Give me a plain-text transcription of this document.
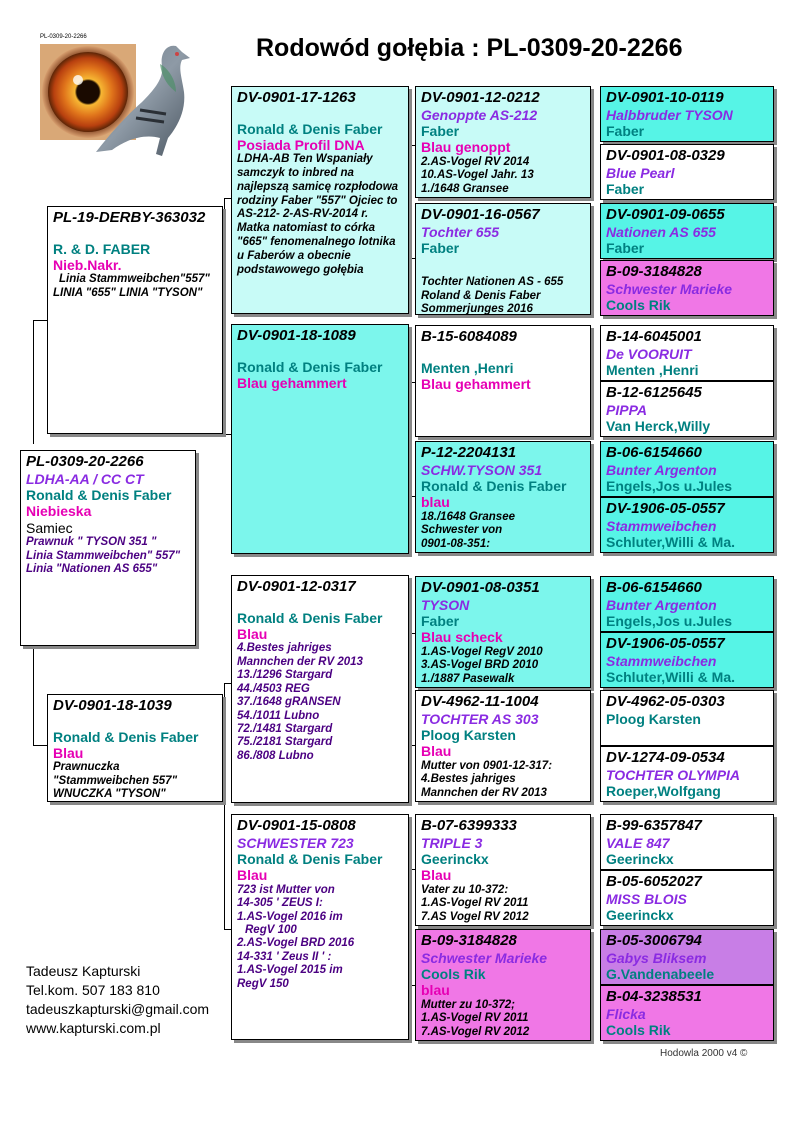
Rodowód gołębia : PL-0309-20-2266
PL-0309-20-2266
PL-0309-20-2266
LDHA-AA / CC CT
Ronald & Denis Faber
Niebieska
Samiec
Prawnuk " TYSON 351 "
Linia Stammweibchen" 557"
Linia "Nationen AS 655"
PL-19-DERBY-363032
R. & D. FABER
Nieb.Nakr.
Linia Stammweibchen"557"
LINIA "655" LINIA "TYSON"
DV-0901-18-1039
Ronald & Denis Faber
Blau
Prawnuczka
"Stammweibchen 557"
WNUCZKA "TYSON"
DV-0901-17-1263
Ronald & Denis Faber
Posiada Profil DNA
LDHA-AB Ten Wspaniały samczyk to inbred na najlepszą samicę rozpłodowa rodziny Faber "557" Ojciec to AS-212- 2-AS-RV-2014 r. Matka natomiast to córka "665" fenomenalnego lotnika u Faberów a obecnie podstawowego gołębia
DV-0901-18-1089
Ronald & Denis Faber
Blau gehammert
DV-0901-12-0317
Ronald & Denis Faber
Blau
4.Bestes jahriges
Mannchen der RV 2013
13./1296 Stargard
44./4503 REG
37./1648 gRANSEN
54./1011 Lubno
72./1481 Stargard
75./2181 Stargard
86./808 Lubno
DV-0901-15-0808
SCHWESTER 723
Ronald & Denis Faber
Blau
723 ist Mutter von
14-305 ' ZEUS I:
1.AS-Vogel 2016 im
RegV 100
2.AS-Vogel BRD 2016
14-331 ' Zeus II ' :
1.AS-Vogel 2015 im
RegV 150
DV-0901-12-0212
Genoppte AS-212
Faber
Blau genoppt
2.AS-Vogel RV 2014
10.AS-Vogel Jahr. 13
1./1648 Gransee
DV-0901-16-0567
Tochter 655
Faber
Tochter Nationen AS - 655
Roland & Denis Faber
Sommerjunges 2016
B-15-6084089
Menten ,Henri
Blau gehammert
P-12-2204131
SCHW.TYSON 351
Ronald & Denis Faber
blau
18./1648 Gransee
Schwester von
0901-08-351:
DV-0901-08-0351
TYSON
Faber
Blau scheck
1.AS-Vogel RegV 2010
3.AS-Vogel BRD 2010
1./1887 Pasewalk
DV-4962-11-1004
TOCHTER AS 303
Ploog Karsten
Blau
Mutter von 0901-12-317:
4.Bestes jahriges
Mannchen der RV 2013
B-07-6399333
TRIPLE 3
Geerinckx
Blau
Vater zu 10-372:
1.AS-Vogel RV 2011
7.AS Vogel RV 2012
B-09-3184828
Schwester Marieke
Cools Rik
blau
Mutter zu 10-372;
1.AS-Vogel RV 2011
7.AS-Vogel RV 2012
DV-0901-10-0119
Halbbruder TYSON
Faber
DV-0901-08-0329
Blue Pearl
Faber
DV-0901-09-0655
Nationen AS 655
Faber
B-09-3184828
Schwester Marieke
Cools Rik
B-14-6045001
De VOORUIT
Menten ,Henri
B-12-6125645
PIPPA
Van Herck,Willy
B-06-6154660
Bunter Argenton
Engels,Jos u.Jules
DV-1906-05-0557
Stammweibchen
Schluter,Willi & Ma.
B-06-6154660
Bunter Argenton
Engels,Jos u.Jules
DV-1906-05-0557
Stammweibchen
Schluter,Willi & Ma.
DV-4962-05-0303
Ploog Karsten
DV-1274-09-0534
TOCHTER OLYMPIA
Roeper,Wolfgang
B-99-6357847
VALE 847
Geerinckx
B-05-6052027
MISS BLOIS
Geerinckx
B-05-3006794
Gabys Bliksem
G.Vandenabeele
B-04-3238531
Flicka
Cools Rik
Tadeusz Kapturski
Tel.kom. 507 183 810
tadeuszkapturski@gmail.com
www.kapturski.com.pl
Hodowla 2000 v4 ©
